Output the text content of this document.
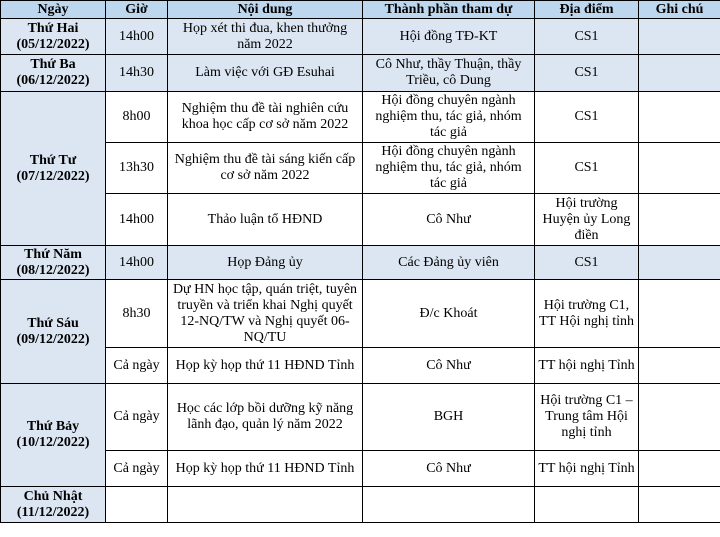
Ngày	Giờ	Nội dung	Thành phần tham dự	Địa điểm	Ghi chú

Thứ Hai
(05/12/2022)	14h00	Họp xét thi đua, khen thưởng năm 2022	Hội đồng TĐ-KT	CS1	

Thứ Ba
(06/12/2022)	14h30	Làm việc với GĐ Esuhai	Cô Như, thầy Thuận, thầy Triều, cô Dung	CS1	

Thứ Tư
(07/12/2022)	8h00	Nghiệm thu đề tài nghiên cứu khoa học cấp cơ sở năm 2022	Hội đồng chuyên ngành nghiệm thu, tác giả, nhóm tác giả	CS1	
	13h30	Nghiệm thu đề tài sáng kiến cấp cơ sở năm 2022	Hội đồng chuyên ngành nghiệm thu, tác giả, nhóm tác giả	CS1	
	14h00	Thảo luận tổ HĐND	Cô Như	Hội trường Huyện ủy Long điền	

Thứ Năm
(08/12/2022)	14h00	Họp Đảng ủy	Các Đảng ủy viên	CS1	

Thứ Sáu
(09/12/2022)	8h30	Dự HN học tập, quán triệt, tuyên truyền và triển khai Nghị quyết 12-NQ/TW và Nghị quyết 06-NQ/TU	Đ/c Khoát	Hội trường C1, TT Hội nghị tỉnh	
	Cả ngày	Họp kỳ họp thứ 11 HĐND Tỉnh	Cô Như	TT hội nghị Tỉnh	

Thứ Bảy
(10/12/2022)	Cả ngày	Học các lớp bồi dưỡng kỹ năng lãnh đạo, quản lý năm 2022	BGH	Hội trường C1 – Trung tâm Hội nghị tỉnh	
	Cả ngày	Họp kỳ họp thứ 11 HĐND Tỉnh	Cô Như	TT hội nghị Tỉnh	

Chủ Nhật
(11/12/2022)					
